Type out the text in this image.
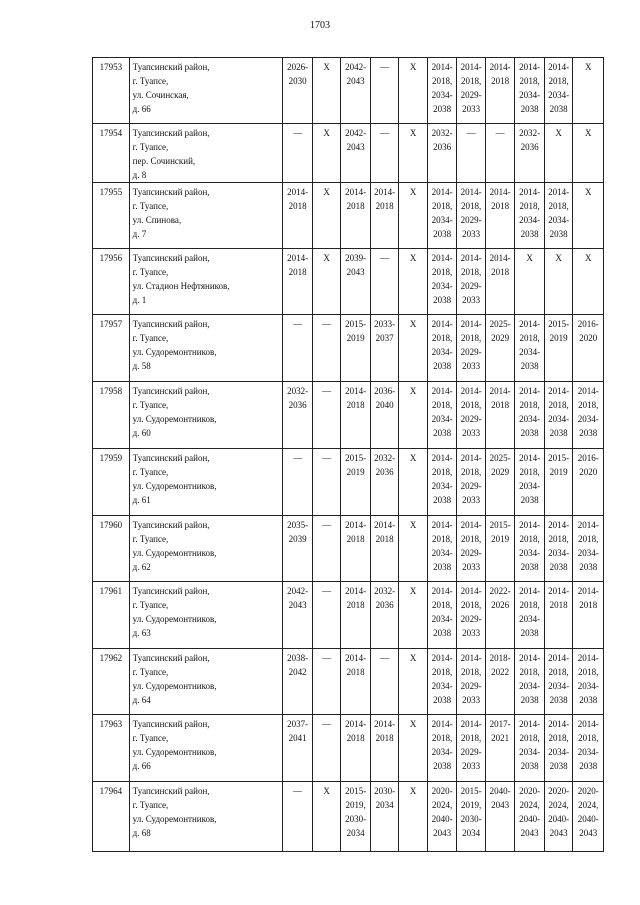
1703
17953	Туапсинский район,
г. Туапсе,
ул. Сочинская,
д. 66	2026-
2030	X	2042-
2043	—	X	2014-
2018,
2034-
2038	2014-
2018,
2029-
2033	2014-
2018	2014-
2018,
2034-
2038	2014-
2018,
2034-
2038	X

17954	Туапсинский район,
г. Туапсе,
пер. Сочинский,
д. 8	—	X	2042-
2043	—	X	2032-
2036	—	—	2032-
2036	X	X

17955	Туапсинский район,
г. Туапсе,
ул. Спинова,
д. 7	2014-
2018	X	2014-
2018	2014-
2018	X	2014-
2018,
2034-
2038	2014-
2018,
2029-
2033	2014-
2018	2014-
2018,
2034-
2038	2014-
2018,
2034-
2038	X

17956	Туапсинский район,
г. Туапсе,
ул. Стадион Нефтяников,
д. 1	2014-
2018	X	2039-
2043	—	X	2014-
2018,
2034-
2038	2014-
2018,
2029-
2033	2014-
2018	X	X	X

17957	Туапсинский район,
г. Туапсе,
ул. Судоремонтников,
д. 58	—	—	2015-
2019	2033-
2037	X	2014-
2018,
2034-
2038	2014-
2018,
2029-
2033	2025-
2029	2014-
2018,
2034-
2038	2015-
2019	2016-
2020

17958	Туапсинский район,
г. Туапсе,
ул. Судоремонтников,
д. 60	2032-
2036	—	2014-
2018	2036-
2040	X	2014-
2018,
2034-
2038	2014-
2018,
2029-
2033	2014-
2018	2014-
2018,
2034-
2038	2014-
2018,
2034-
2038	2014-
2018,
2034-
2038

17959	Туапсинский район,
г. Туапсе,
ул. Судоремонтников,
д. 61	—	—	2015-
2019	2032-
2036	X	2014-
2018,
2034-
2038	2014-
2018,
2029-
2033	2025-
2029	2014-
2018,
2034-
2038	2015-
2019	2016-
2020

17960	Туапсинский район,
г. Туапсе,
ул. Судоремонтников,
д. 62	2035-
2039	—	2014-
2018	2014-
2018	X	2014-
2018,
2034-
2038	2014-
2018,
2029-
2033	2015-
2019	2014-
2018,
2034-
2038	2014-
2018,
2034-
2038	2014-
2018,
2034-
2038

17961	Туапсинский район,
г. Туапсе,
ул. Судоремонтников,
д. 63	2042-
2043	—	2014-
2018	2032-
2036	X	2014-
2018,
2034-
2038	2014-
2018,
2029-
2033	2022-
2026	2014-
2018,
2034-
2038	2014-
2018	2014-
2018

17962	Туапсинский район,
г. Туапсе,
ул. Судоремонтников,
д. 64	2038-
2042	—	2014-
2018	—	X	2014-
2018,
2034-
2038	2014-
2018,
2029-
2033	2018-
2022	2014-
2018,
2034-
2038	2014-
2018,
2034-
2038	2014-
2018,
2034-
2038

17963	Туапсинский район,
г. Туапсе,
ул. Судоремонтников,
д. 66	2037-
2041	—	2014-
2018	2014-
2018	X	2014-
2018,
2034-
2038	2014-
2018,
2029-
2033	2017-
2021	2014-
2018,
2034-
2038	2014-
2018,
2034-
2038	2014-
2018,
2034-
2038

17964	Туапсинский район,
г. Туапсе,
ул. Судоремонтников,
д. 68	—	X	2015-
2019,
2030-
2034	2030-
2034	X	2020-
2024,
2040-
2043	2015-
2019,
2030-
2034	2040-
2043	2020-
2024,
2040-
2043	2020-
2024,
2040-
2043	2020-
2024,
2040-
2043
